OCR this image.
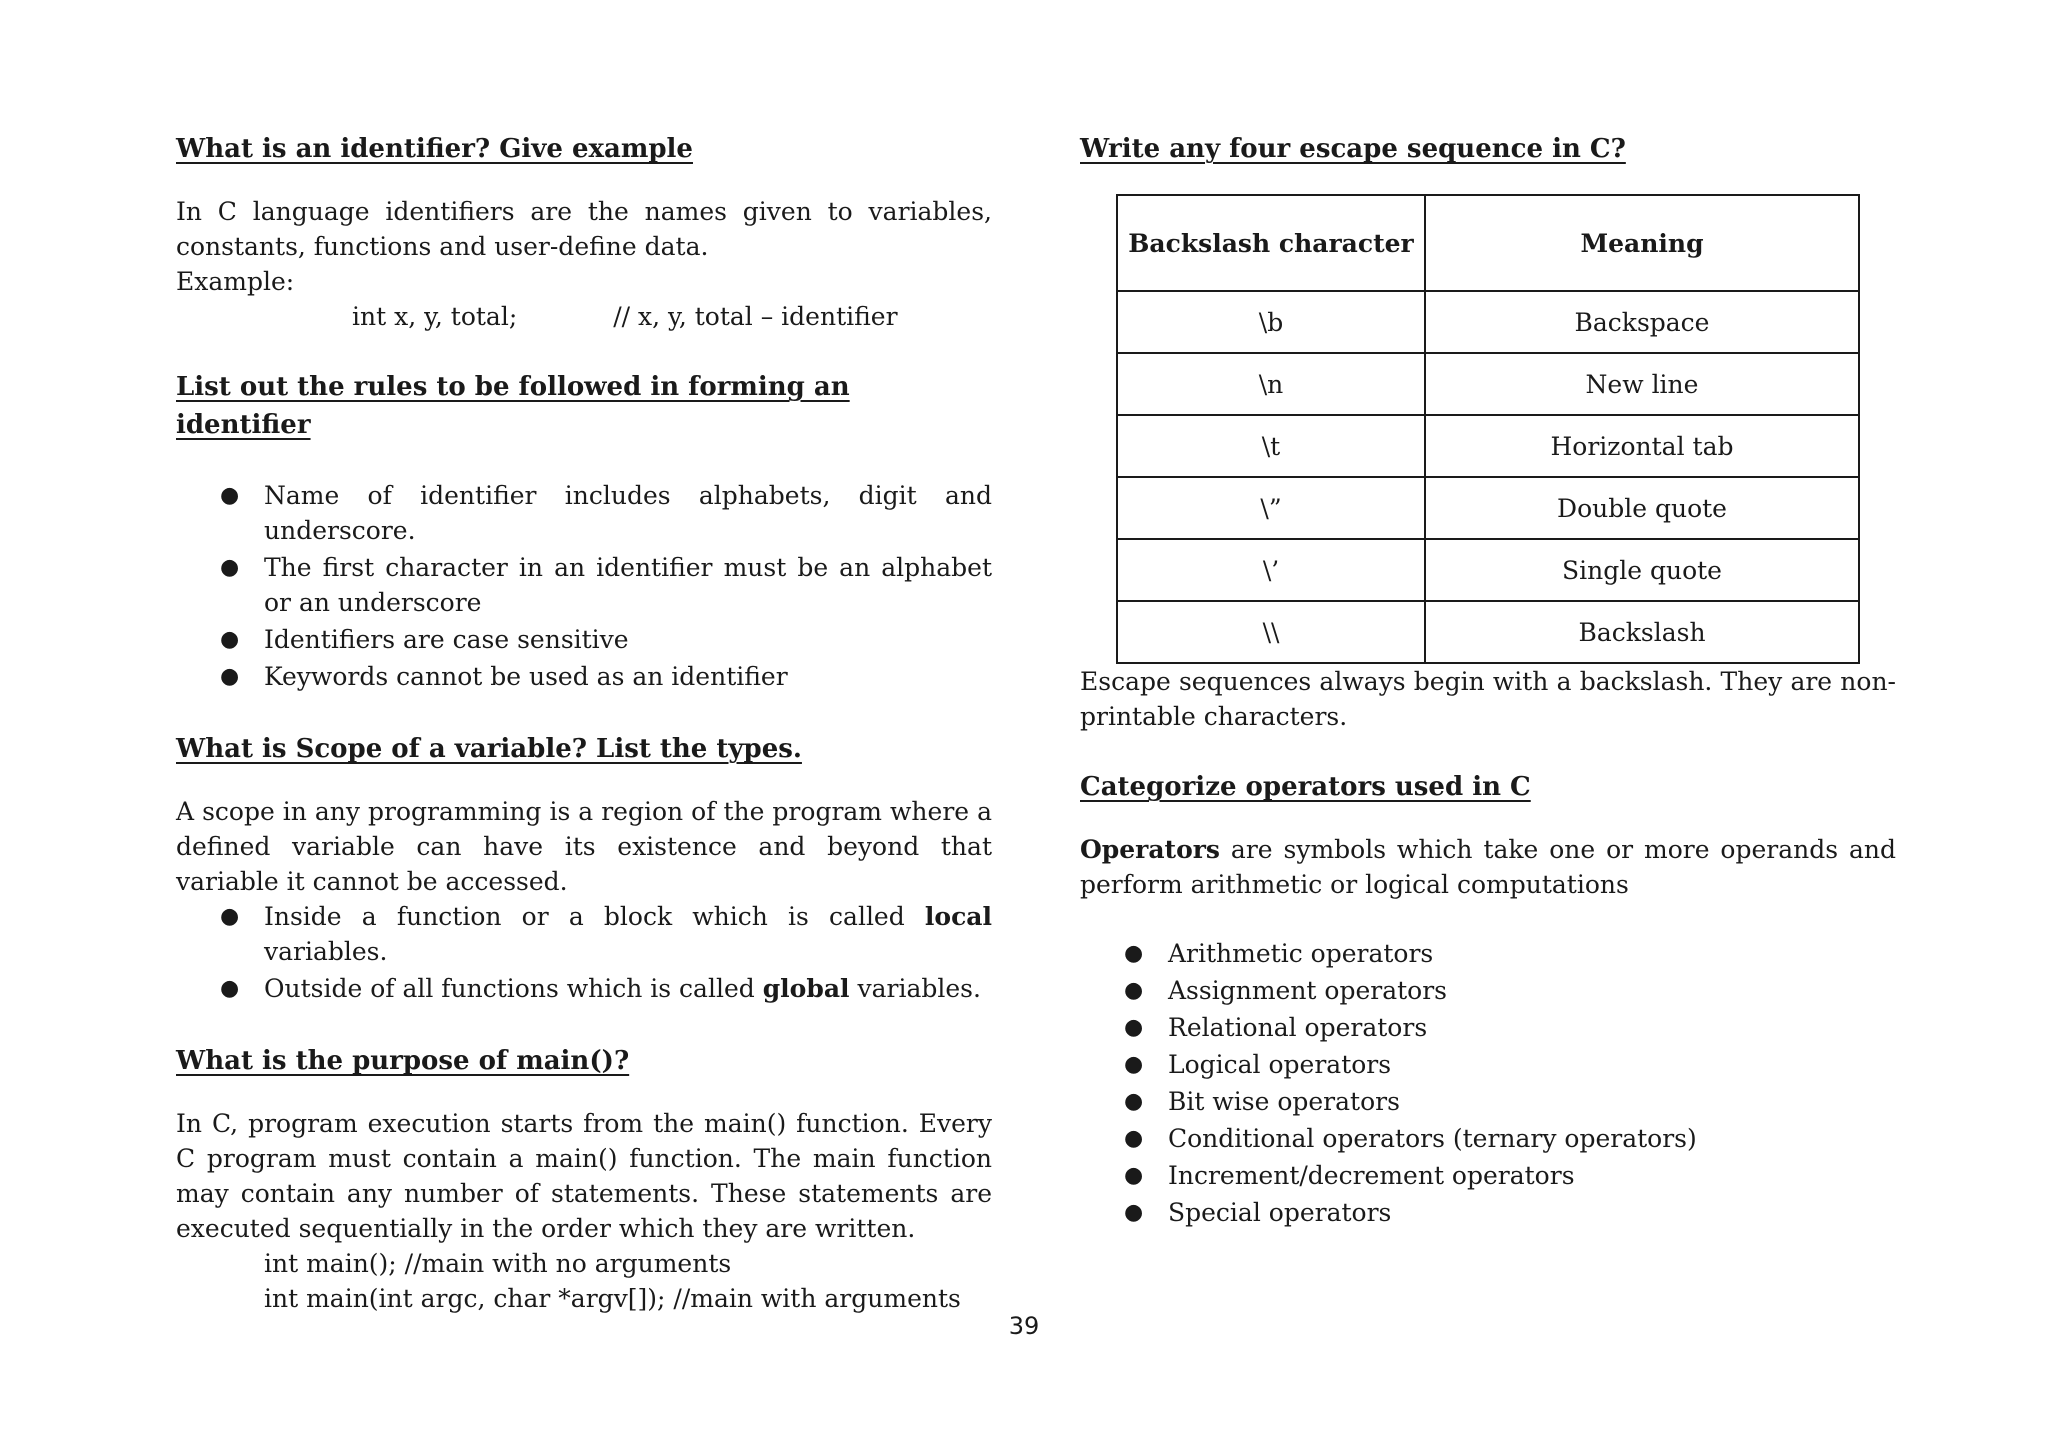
What is an identifier? Give example

In C language identifiers are the names given to variables, constants, functions and user-define data.

Example:
int x, y, total;	// x, y, total – identifier
List out the rules to be followed in forming an identifier
● Name of identifier includes alphabets, digit and underscore.
● The first character in an identifier must be an alphabet or an underscore
● Identifiers are case sensitive
● Keywords cannot be used as an identifier
What is Scope of a variable? List the types.

A scope in any programming is a region of the program where a defined variable can have its existence and beyond that variable it cannot be accessed.

● Inside a function or a block which is called local variables.
● Outside of all functions which is called global variables.
What is the purpose of main()?

In C, program execution starts from the main() function. Every C program must contain a main() function. The main function may contain any number of statements. These statements are executed sequentially in the order which they are written.

int main(); //main with no arguments
int main(int argc, char *argv[]); //main with arguments
Write any four escape sequence in C?
Backslash character	Meaning
\b	Backspace
\n	New line
\t	Horizontal tab
\”	Double quote
\’	Single quote
\\	Backslash

Escape sequences always begin with a backslash. They are non-printable characters.

Categorize operators used in C

Operators are symbols which take one or more operands and perform arithmetic or logical computations

● Arithmetic operators
● Assignment operators
● Relational operators
● Logical operators
● Bit wise operators
● Conditional operators (ternary operators)
● Increment/decrement operators
● Special operators
39
